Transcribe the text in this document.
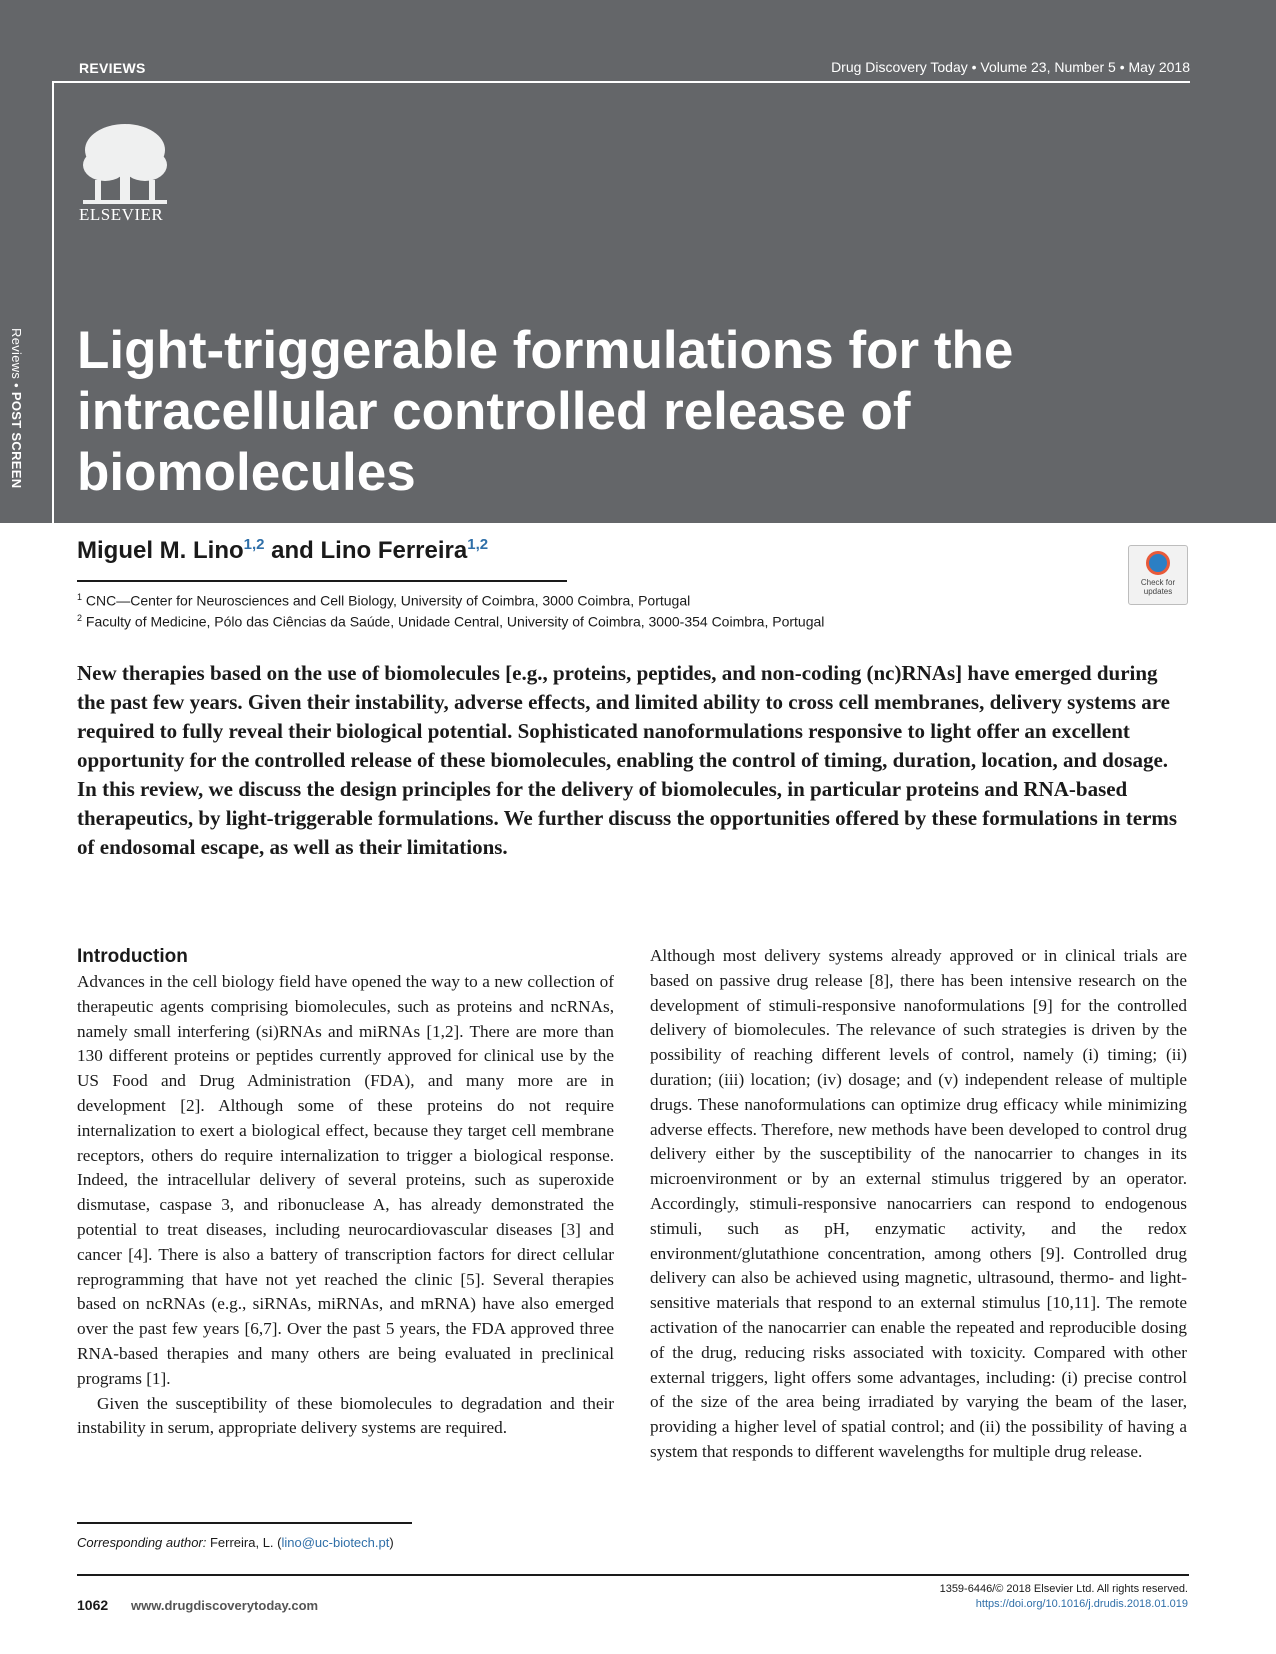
REVIEWS	Drug Discovery Today • Volume 23, Number 5 • May 2018
ELSEVIER
Reviews • POST SCREEN
Light-triggerable formulations for the intracellular controlled release of biomolecules
Miguel M. Lino$^{1,2}$ and Lino Ferreira$^{1,2}$
Check for
updates
$^1$ CNC—Center for Neurosciences and Cell Biology, University of Coimbra, 3000 Coimbra, Portugal
$^2$ Faculty of Medicine, Pólo das Ciências da Saúde, Unidade Central, University of Coimbra, 3000-354 Coimbra, Portugal

New therapies based on the use of biomolecules [e.g., proteins, peptides, and non-coding (nc)RNAs] have emerged during the past few years. Given their instability, adverse effects, and limited ability to cross cell membranes, delivery systems are required to fully reveal their biological potential. Sophisticated nanoformulations responsive to light offer an excellent opportunity for the controlled release of these biomolecules, enabling the control of timing, duration, location, and dosage. In this review, we discuss the design principles for the delivery of biomolecules, in particular proteins and RNA-based therapeutics, by light-triggerable formulations. We further discuss the opportunities offered by these formulations in terms of endosomal escape, as well as their limitations.

Introduction

Advances in the cell biology field have opened the way to a new collection of therapeutic agents comprising biomolecules, such as proteins and ncRNAs, namely small interfering (si)RNAs and miRNAs [1,2]. There are more than 130 different proteins or peptides currently approved for clinical use by the US Food and Drug Administration (FDA), and many more are in development [2]. Although some of these proteins do not require internalization to exert a biological effect, because they target cell membrane receptors, others do require internalization to trigger a biological response. Indeed, the intracellular delivery of several proteins, such as superoxide dismutase, caspase 3, and ribonuclease A, has already demonstrated the potential to treat diseases, including neurocardiovascular diseases [3] and cancer [4]. There is also a battery of transcription factors for direct cellular reprogramming that have not yet reached the clinic [5]. Several therapies based on ncRNAs (e.g., siRNAs, miRNAs, and mRNA) have also emerged over the past few years [6,7]. Over the past 5 years, the FDA approved three RNA-based therapies and many others are being evaluated in preclinical programs [1].

Given the susceptibility of these biomolecules to degradation and their instability in serum, appropriate delivery systems are required.

Although most delivery systems already approved or in clinical trials are based on passive drug release [8], there has been intensive research on the development of stimuli-responsive nanoformulations [9] for the controlled delivery of biomolecules. The relevance of such strategies is driven by the possibility of reaching different levels of control, namely (i) timing; (ii) duration; (iii) location; (iv) dosage; and (v) independent release of multiple drugs. These nanoformulations can optimize drug efficacy while minimizing adverse effects. Therefore, new methods have been developed to control drug delivery either by the susceptibility of the nanocarrier to changes in its microenvironment or by an external stimulus triggered by an operator. Accordingly, stimuli-responsive nanocarriers can respond to endogenous stimuli, such as pH, enzymatic activity, and the redox environment/glutathione concentration, among others [9]. Controlled drug delivery can also be achieved using magnetic, ultrasound, thermo- and light-sensitive materials that respond to an external stimulus [10,11]. The remote activation of the nanocarrier can enable the repeated and reproducible dosing of the drug, reducing risks associated with toxicity. Compared with other external triggers, light offers some advantages, including: (i) precise control of the size of the area being irradiated by varying the beam of the laser, providing a higher level of spatial control; and (ii) the possibility of having a system that responds to different wavelengths for multiple drug release.

Corresponding author: Ferreira, L. (lino@uc-biotech.pt)
1062 www.drugdiscoverytoday.com
1359-6446/© 2018 Elsevier Ltd. All rights reserved.
https://doi.org/10.1016/j.drudis.2018.01.019
